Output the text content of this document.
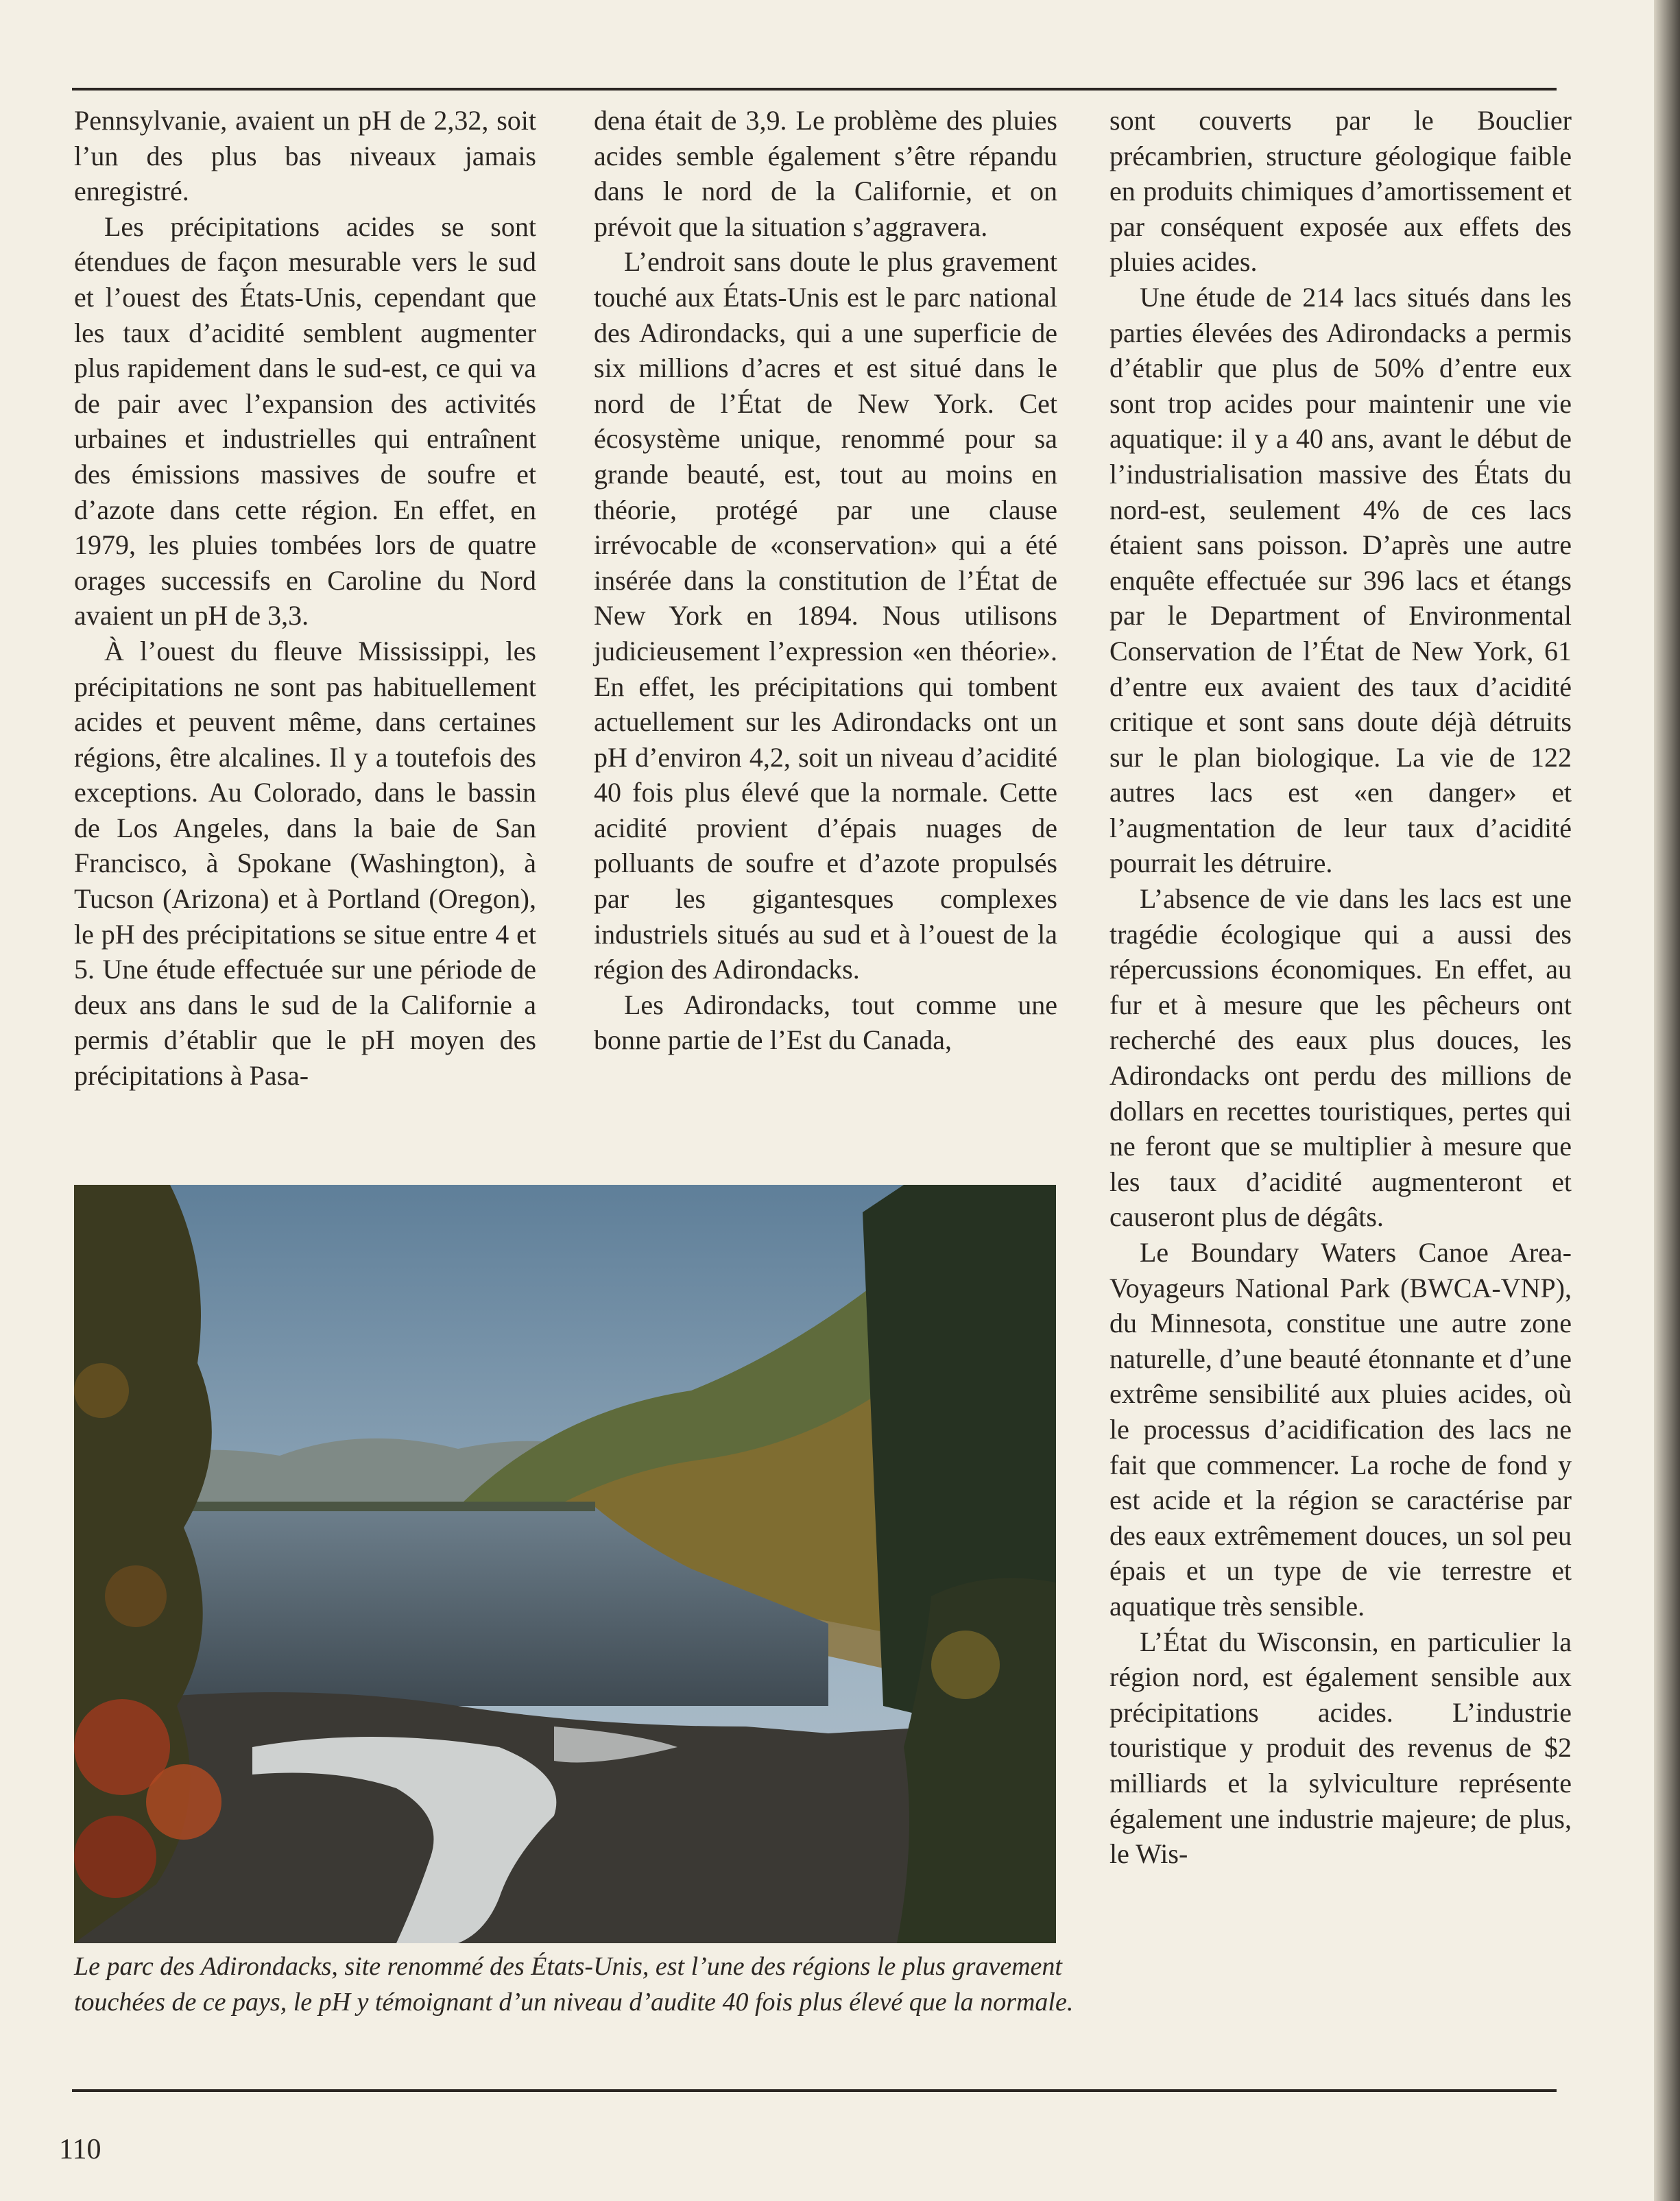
Pennsylvanie, avaient un pH de 2,32, soit l’un des plus bas niveaux jamais enregistré.

Les précipitations acides se sont étendues de façon mesurable vers le sud et l’ouest des États-Unis, cependant que les taux d’acidité semblent augmenter plus rapidement dans le sud-est, ce qui va de pair avec l’expansion des activités urbaines et industrielles qui entraînent des émissions massives de soufre et d’azote dans cette région. En effet, en 1979, les pluies tombées lors de quatre orages successifs en Caroline du Nord avaient un pH de 3,3.

À l’ouest du fleuve Mississippi, les précipitations ne sont pas habituellement acides et peuvent même, dans certaines régions, être alcalines. Il y a toutefois des exceptions. Au Colorado, dans le bassin de Los Angeles, dans la baie de San Francisco, à Spokane (Washington), à Tucson (Arizona) et à Portland (Oregon), le pH des précipitations se situe entre 4 et 5. Une étude effectuée sur une période de deux ans dans le sud de la Californie a permis d’établir que le pH moyen des précipitations à Pasa-

dena était de 3,9. Le problème des pluies acides semble également s’être répandu dans le nord de la Californie, et on prévoit que la situation s’aggravera.

L’endroit sans doute le plus gravement touché aux États-Unis est le parc national des Adirondacks, qui a une superficie de six millions d’acres et est situé dans le nord de l’État de New York. Cet écosystème unique, renommé pour sa grande beauté, est, tout au moins en théorie, protégé par une clause irrévocable de «conservation» qui a été insérée dans la constitution de l’État de New York en 1894. Nous utilisons judicieusement l’expression «en théorie». En effet, les précipitations qui tombent actuellement sur les Adirondacks ont un pH d’environ 4,2, soit un niveau d’acidité 40 fois plus élevé que la normale. Cette acidité provient d’épais nuages de polluants de soufre et d’azote propulsés par les gigantesques complexes industriels situés au sud et à l’ouest de la région des Adirondacks.

Les Adirondacks, tout comme une bonne partie de l’Est du Canada,

sont couverts par le Bouclier précambrien, structure géologique faible en produits chimiques d’amortissement et par conséquent exposée aux effets des pluies acides.

Une étude de 214 lacs situés dans les parties élevées des Adirondacks a permis d’établir que plus de 50% d’entre eux sont trop acides pour maintenir une vie aquatique: il y a 40 ans, avant le début de l’industrialisation massive des États du nord-est, seulement 4% de ces lacs étaient sans poisson. D’après une autre enquête effectuée sur 396 lacs et étangs par le Department of Environmental Conservation de l’État de New York, 61 d’entre eux avaient des taux d’acidité critique et sont sans doute déjà détruits sur le plan biologique. La vie de 122 autres lacs est «en danger» et l’augmentation de leur taux d’acidité pourrait les détruire.

L’absence de vie dans les lacs est une tragédie écologique qui a aussi des répercussions économiques. En effet, au fur et à mesure que les pêcheurs ont recherché des eaux plus douces, les Adirondacks ont perdu des millions de dollars en recettes touristiques, pertes qui ne feront que se multiplier à mesure que les taux d’acidité augmenteront et causeront plus de dégâts.

Le Boundary Waters Canoe Area-Voyageurs National Park (BWCA-VNP), du Minnesota, constitue une autre zone naturelle, d’une beauté étonnante et d’une extrême sensibilité aux pluies acides, où le processus d’acidification des lacs ne fait que commencer. La roche de fond y est acide et la région se caractérise par des eaux extrêmement douces, un sol peu épais et un type de vie terrestre et aquatique très sensible.

L’État du Wisconsin, en particulier la région nord, est également sensible aux précipitations acides. L’industrie touristique y produit des revenus de $2 milliards et la sylviculture représente également une industrie majeure; de plus, le Wis-

Le parc des Adirondacks, site renommé des États-Unis, est l’une des régions le plus gravement touchées de ce pays, le pH y témoignant d’un niveau d’audite 40 fois plus élevé que la normale.

110
